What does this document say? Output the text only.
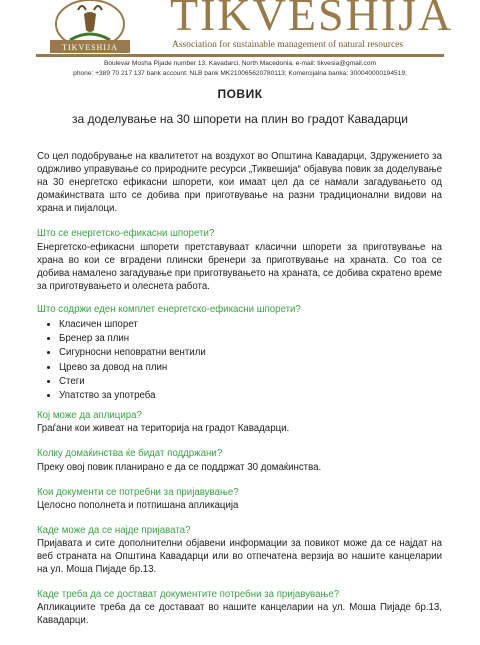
TIKVESHIJA
TIKVESHIJA
Association for sustainable management of natural resources
Boulevar Mosha Pijade number 13, Kavadarci, North Macedonia, e-mail: tikvesia@gmail.com
phone: +389 70 217 137 bank account: NLB bank MK210065620780113; Komercijalna banka: 300040000194519;
ПОВИК
за доделување на 30 шпорети на плин во градот Кавадарци

Со цел подобрување на квалитетот на воздухот во Општина Кавадарци, Здружението за одржливо управување со природните ресурси „Тиквешија“ објавува повик за доделување на 30 енергетско ефикасни шпорети, кои имаат цел да се намали загадувањето од домаќинствата што се добива при приготвување на разни традиционални видови на храна и пијалоци.

Што се енергетско-ефикасни шпорети?

Енергетско-ефикасни шпорети претставуваат класични шпорети за приготвување на храна во кои се вградени плински бренери за приготвување на храната. Со тоа се добива намалено загадување при приготвувањето на храната, се добива скратено време за приготвувањето и олеснета работа.

Што содржи еден комплет енергетско-ефикасни шпорети?

• Класичен шпорет
• Бренер за плин
• Сигурносни неповратни вентили
• Црево за довод на плин
• Стеги
• Упатство за употреба

Кој може да аплицира?

Граѓани кои живеат на територија на градот Кавадарци.

Колку домаќинства ќе бидат поддржани?

Преку овој повик планирано е да се поддржат 30 домаќинства.

Кои документи се потребни за пријавување?

Целосно пополнета и потпишана апликација

Каде може да се најде пријавата?

Пријавата и сите дополнителни објавени информации за повикот може да се најдат на веб страната на Општина Кавадарци или во отпечатена верзија во нашите канцеларии на ул. Моша Пијаде бр.13.

Каде треба да се достават документите потребни за пријавување?

Апликациите треба да се доставаат во нашите канцеларии на ул. Моша Пијаде бр.13, Кавадарци.
